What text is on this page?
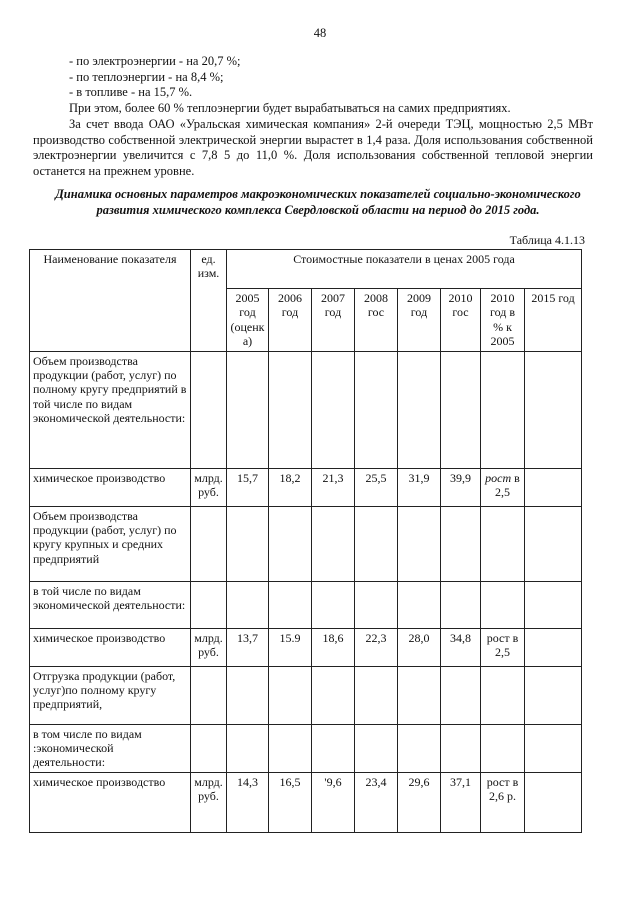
48
- по электроэнергии - на 20,7 %;
- по теплоэнергии - на 8,4 %;
- в топливе - на 15,7 %.
При этом, более 60 % теплоэнергии будет вырабатываться на самих предприятиях.
За счет ввода ОАО «Уральская химическая компания» 2-й очереди ТЭЦ, мощностью 2,5 МВт производство собственной электрической энергии вырастет в 1,4 раза. Доля использования собственной электроэнергии увеличится с 7,8 5 до 11,0 %. Доля использования собственной тепловой энергии останется на прежнем уровне.
Динамика основных параметров макроэкономических показателей социально-экономического развития химического комплекса Свердловской области на период до 2015 года.
Таблица 4.1.13
Наименование показателя	ед. изм.	Стоимостные показатели в ценах 2005 года							
		2005 год (оценк а)	2006 год	2007 год	2008 гос	2009 год	2010 гос	2010 год в % к 2005	2015 год
Объем производства продукции (работ, услуг) по полному кругу предприятий в той числе по видам экономической деятельности:									
химическое производство	млрд. руб.	15,7	18,2	21,3	25,5	31,9	39,9	рост в 2,5	
Объем производства продукции (работ, услуг) по кругу крупных и средних предприятий									
в той числе по видам экономической деятельности:									
химическое производство	млрд. руб.	13,7	15.9	18,6	22,3	28,0	34,8	рост в 2,5	
Отгрузка продукции (работ, услуг)по полному кругу предприятий,									
в том числе по видам :экономической деятельности:									
химическое производство	млрд. руб.	14,3	16,5	'9,6	23,4	29,6	37,1	рост в 2,6 р.	
